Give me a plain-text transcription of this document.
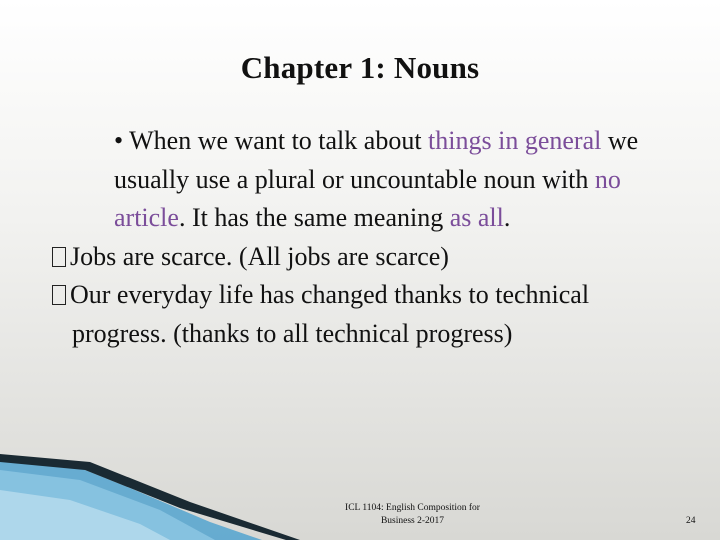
Chapter 1: Nouns

• When we want to talk about things in general we usually use a plural or uncountable noun with no article. It has the same meaning as all.

Jobs are scarce. (All jobs are scarce)

Our everyday life has changed thanks to technical progress. (thanks to all technical progress)

ICL 1104: English Composition for
Business 2-2017	24
